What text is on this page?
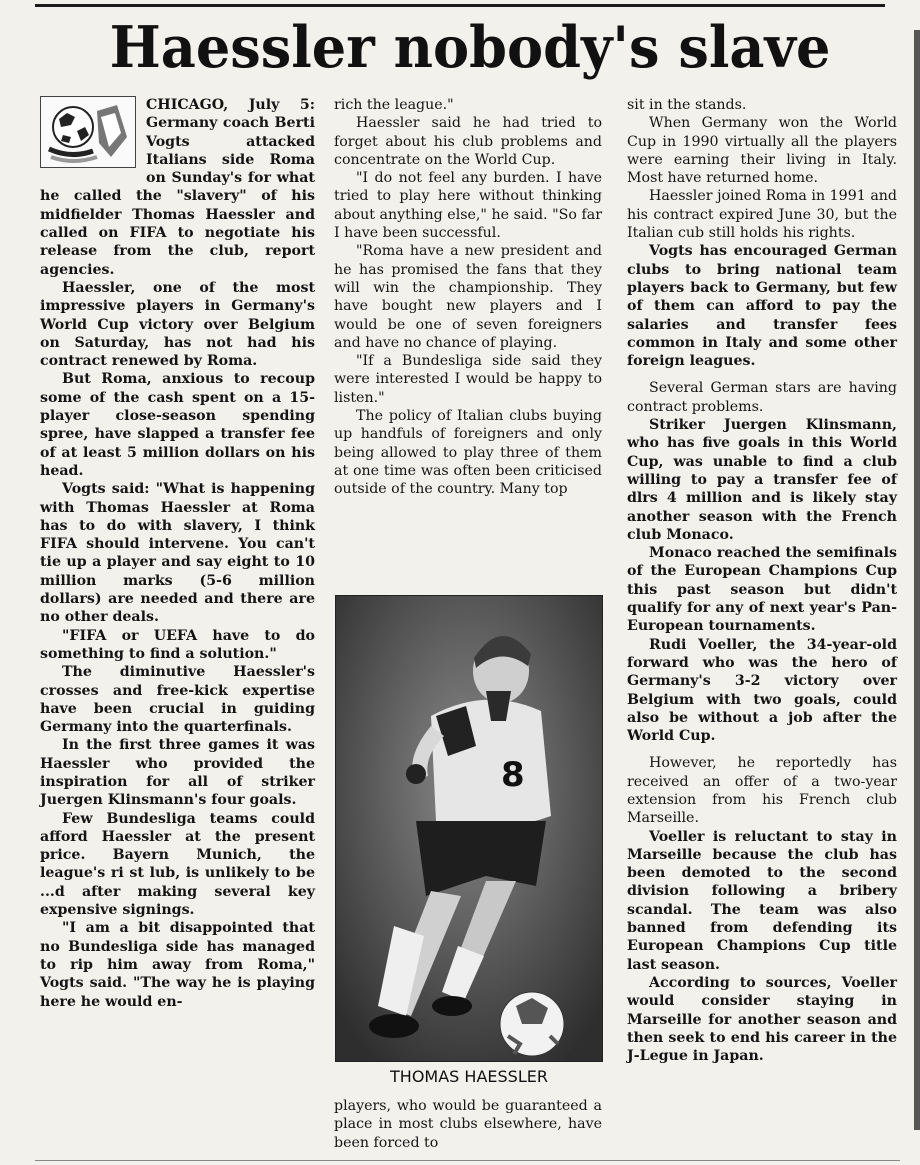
Haessler nobody's slave

CHICAGO, July 5: Germany coach Berti Vogts attacked Italians side Roma on Sunday's for what he called the "slavery" of his midfielder Thomas Haessler and called on FIFA to negotiate his release from the club, report agencies.

Haessler, one of the most impressive players in Germany's World Cup victory over Belgium on Saturday, has not had his contract renewed by Roma.

But Roma, anxious to recoup some of the cash spent on a 15-player close-season spending spree, have slapped a transfer fee of at least 5 million dollars on his head.

Vogts said: "What is happening with Thomas Haessler at Roma has to do with slavery, I think FIFA should intervene. You can't tie up a player and say eight to 10 million marks (5-6 million dollars) are needed and there are no other deals.

"FIFA or UEFA have to do something to find a solution."

The diminutive Haessler's crosses and free-kick expertise have been crucial in guiding Germany into the quarterfinals.

In the first three games it was Haessler who provided the inspiration for all of striker Juergen Klinsmann's four goals.

Few Bundesliga teams could afford Haessler at the present price. Bayern Munich, the league's ri st lub, is unlikely to be ...d after making several key expensive signings.

"I am a bit disappointed that no Bundesliga side has managed to rip him away from Roma," Vogts said. "The way he is playing here he would en-

rich the league."

Haessler said he had tried to forget about his club problems and concentrate on the World Cup.

"I do not feel any burden. I have tried to play here without thinking about anything else," he said. "So far I have been successful.

"Roma have a new president and he has promised the fans that they will win the championship. They have bought new players and I would be one of seven foreigners and have no chance of playing.

"If a Bundesliga side said they were interested I would be happy to listen."

The policy of Italian clubs buying up handfuls of foreigners and only being allowed to play three of them at one time was often been criticised outside of the country. Many top

8
THOMAS HAESSLER

players, who would be guaranteed a place in most clubs elsewhere, have been forced to

sit in the stands.

When Germany won the World Cup in 1990 virtually all the players were earning their living in Italy. Most have returned home.

Haessler joined Roma in 1991 and his contract expired June 30, but the Italian cub still holds his rights.

Vogts has encouraged German clubs to bring national team players back to Germany, but few of them can afford to pay the salaries and transfer fees common in Italy and some other foreign leagues.

Several German stars are having contract problems.

Striker Juergen Klinsmann, who has five goals in this World Cup, was unable to find a club willing to pay a transfer fee of dlrs 4 million and is likely stay another season with the French club Monaco.

Monaco reached the semifinals of the European Champions Cup this past season but didn't qualify for any of next year's Pan-European tournaments.

Rudi Voeller, the 34-year-old forward who was the hero of Germany's 3-2 victory over Belgium with two goals, could also be without a job after the World Cup.

However, he reportedly has received an offer of a two-year extension from his French club Marseille.

Voeller is reluctant to stay in Marseille because the club has been demoted to the second division following a bribery scandal. The team was also banned from defending its European Champions Cup title last season.

According to sources, Voeller would consider staying in Marseille for another season and then seek to end his career in the J-Legue in Japan.
